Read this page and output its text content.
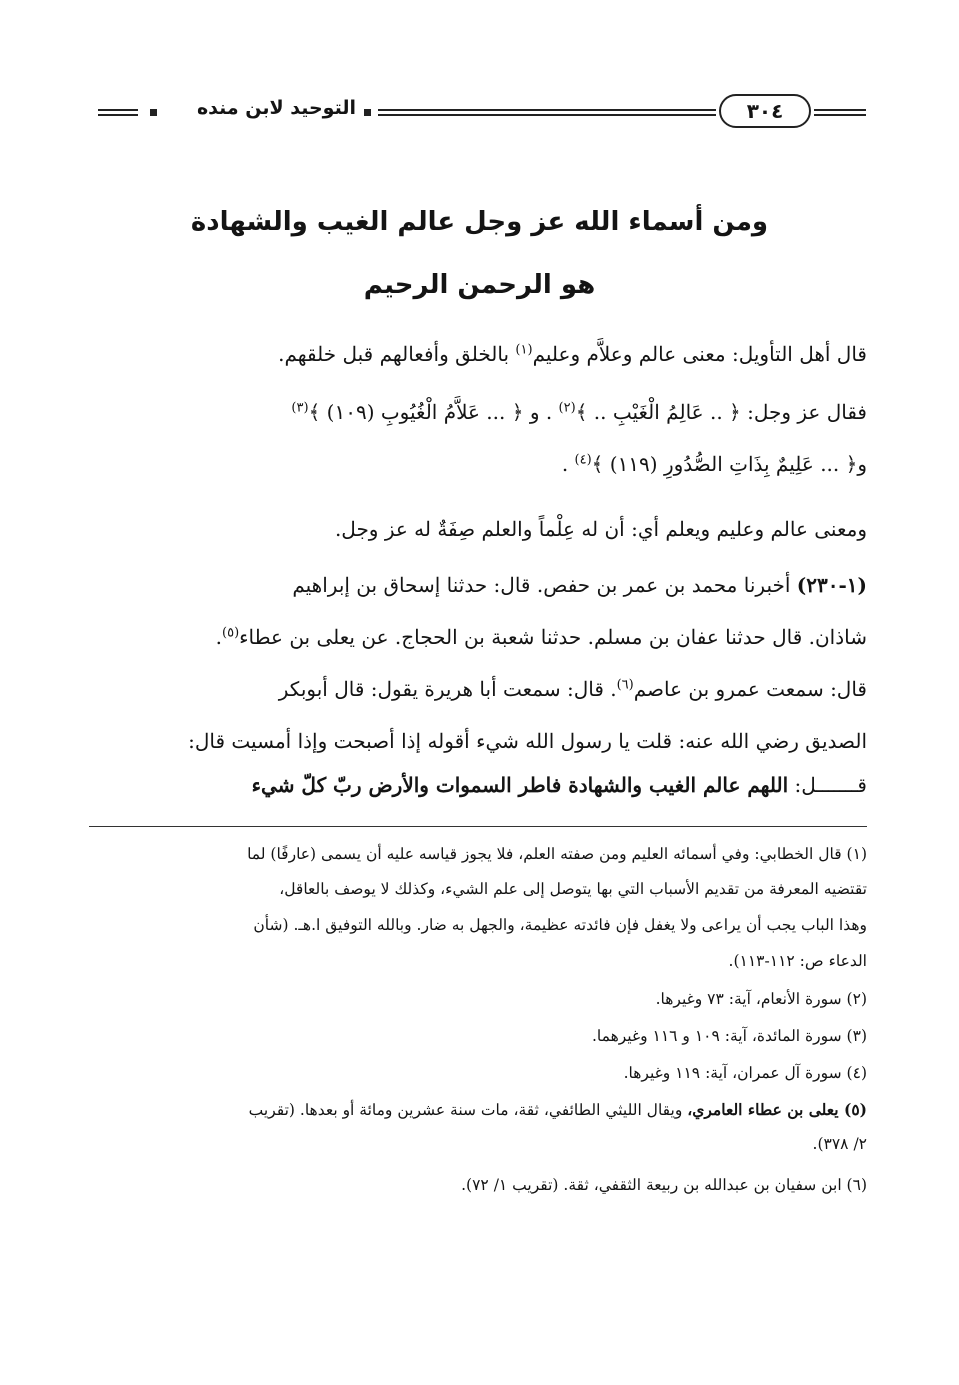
التوحيد لابن منده	٣٠٤
ومن أسماء الله عز وجل عالم الغيب والشهادة
هو الرحمن الرحيم
قال أهل التأويل: معنى عالم وعلاَّم وعليم$^{(١)}$ بالخلق وأفعالهم قبل خلقهم.
فقال عز وجل: ﴿ .. عَالِمُ الْغَيْبِ .. ﴾$^{(٢)}$ . و ﴿ ... عَلاَّمُ الْغُيُوبِ (١٠٩) ﴾$^{(٣)}$
و﴿ ... عَلِيمٌ بِذَاتِ الصُّدُورِ (١١٩) ﴾$^{(٤)}$ .
ومعنى عالم وعليم ويعلم أي: أن له عِلْماً والعلم صِفَةٌ له عز وجل.
(١-٢٣٠) أخبرنا محمد بن عمر بن حفص. قال: حدثنا إسحاق بن إبراهيم
شاذان. قال حدثنا عفان بن مسلم. حدثنا شعبة بن الحجاج. عن يعلى بن عطاء$^{(٥)}$.
قال: سمعت عمرو بن عاصم$^{(٦)}$. قال: سمعت أبا هريرة يقول: قال أبوبكر
الصديق رضي الله عنه: قلت يا رسول الله شيء أقوله إذا أصبحت وإذا أمسيت قال:
قـــــــل: اللهم عالم الغيب والشهادة فاطر السموات والأرض ربّ كلّ شيء
(١) قال الخطابي: وفي أسمائه العليم ومن صفته العلم، فلا يجوز قياسه عليه أن يسمى (عارفًا) لما
تقتضيه المعرفة من تقديم الأسباب التي بها يتوصل إلى علم الشيء، وكذلك لا يوصف بالعاقل،
وهذا الباب يجب أن يراعى ولا يغفل فإن فائدته عظيمة، والجهل به ضار. وبالله التوفيق ا.هـ. (شأن
الدعاء ص: ١١٢-١١٣).
(٢) سورة الأنعام، آية: ٧٣ وغيرها.
(٣) سورة المائدة، آية: ١٠٩ و ١١٦ وغيرهما.
(٤) سورة آل عمران، آية: ١١٩ وغيرها.
(٥) يعلى بن عطاء العامري، ويقال الليثي الطائفي، ثقة، مات سنة عشرين ومائة أو بعدها. (تقريب
٢/ ٣٧٨).
(٦) ابن سفيان بن عبدالله بن ربيعة الثقفي، ثقة. (تقريب ١/ ٧٢).
